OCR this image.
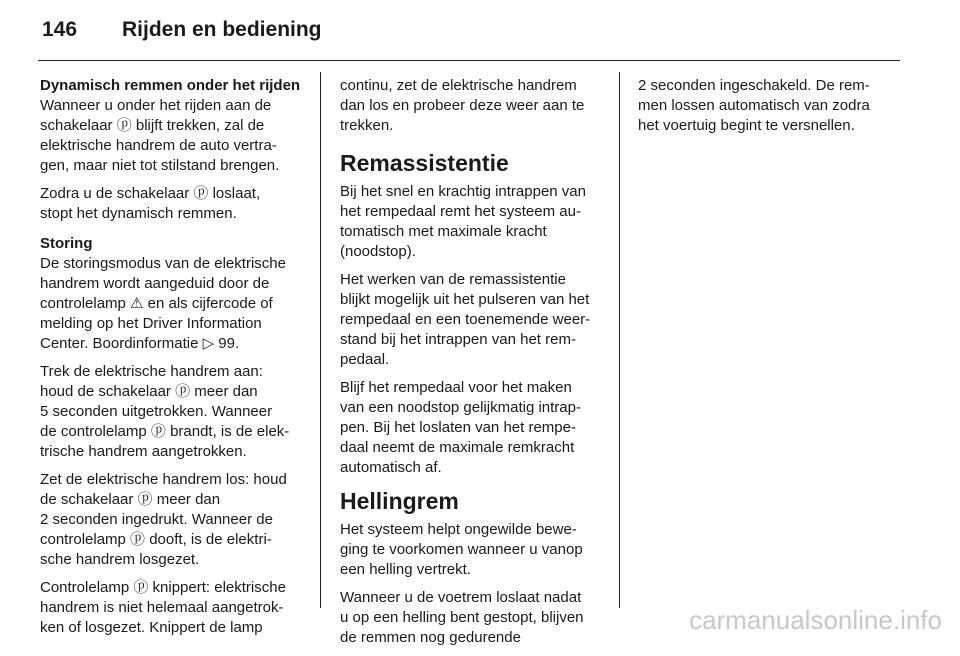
146	Rijden en bediening
Dynamisch remmen onder het rijden
Wanneer u onder het rijden aan de
schakelaar ⓟ blijft trekken, zal de
elektrische handrem de auto vertra-
gen, maar niet tot stilstand brengen.
Zodra u de schakelaar ⓟ loslaat,
stopt het dynamisch remmen.
Storing
De storingsmodus van de elektrische
handrem wordt aangeduid door de
controlelamp ⚠ en als cijfercode of
melding op het Driver Information
Center. Boordinformatie ▷ 99.
Trek de elektrische handrem aan:
houd de schakelaar ⓟ meer dan
5 seconden uitgetrokken. Wanneer
de controlelamp ⓟ brandt, is de elek-
trische handrem aangetrokken.
Zet de elektrische handrem los: houd
de schakelaar ⓟ meer dan
2 seconden ingedrukt. Wanneer de
controlelamp ⓟ dooft, is de elektri-
sche handrem losgezet.
Controlelamp ⓟ knippert: elektrische
handrem is niet helemaal aangetrok-
ken of losgezet. Knippert de lamp
continu, zet de elektrische handrem
dan los en probeer deze weer aan te
trekken.
Remassistentie
Bij het snel en krachtig intrappen van
het rempedaal remt het systeem au-
tomatisch met maximale kracht
(noodstop).
Het werken van de remassistentie
blijkt mogelijk uit het pulseren van het
rempedaal en een toenemende weer-
stand bij het intrappen van het rem-
pedaal.
Blijf het rempedaal voor het maken
van een noodstop gelijkmatig intrap-
pen. Bij het loslaten van het rempe-
daal neemt de maximale remkracht
automatisch af.
Hellingrem
Het systeem helpt ongewilde bewe-
ging te voorkomen wanneer u vanop
een helling vertrekt.
Wanneer u de voetrem loslaat nadat
u op een helling bent gestopt, blijven
de remmen nog gedurende
2 seconden ingeschakeld. De rem-
men lossen automatisch van zodra
het voertuig begint te versnellen.
carmanualsonline.info
